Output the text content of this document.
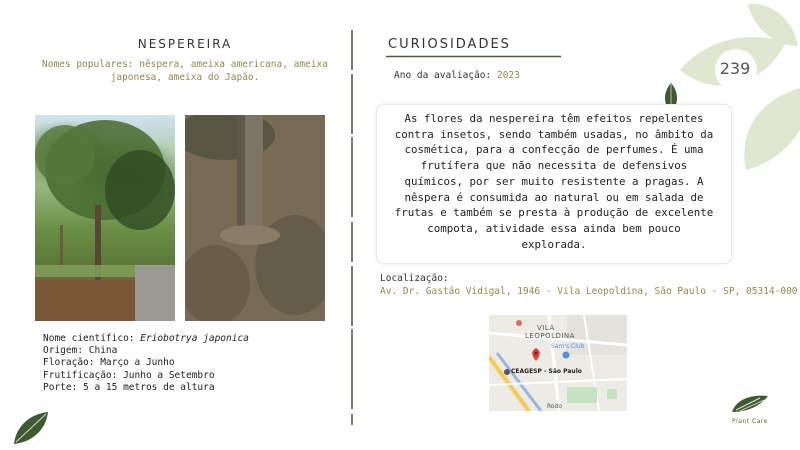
NESPEREIRA
Nomes populares: nêspera, ameixa americana, ameixa japonesa, ameixa do Japão.
Nome científico: Eriobotrya japonica
Origem: China
Floração: Março a Junho
Frutificação: Junho a Setembro
Porte: 5 a 15 metros de altura
CURIOSIDADES
Ano da avaliação: 2023
As flores da nespereira têm efeitos repelentes contra insetos, sendo também usadas, no âmbito da cosmética, para a confecção de perfumes. É uma frutífera que não necessita de defensivos químicos, por ser muito resistente a pragas. A nêspera é consumida ao natural ou em salada de frutas e também se presta à produção de excelente compota, atividade essa ainda bem pouco explorada.
Localização:
Av. Dr. Gastão Vidigal, 1946 - Vila Leopoldina, São Paulo - SP, 05314-000
VILA
LEOPOLDINA
Sam's Club
CEAGESP - São Paulo
Rodo
239
Plant Care
